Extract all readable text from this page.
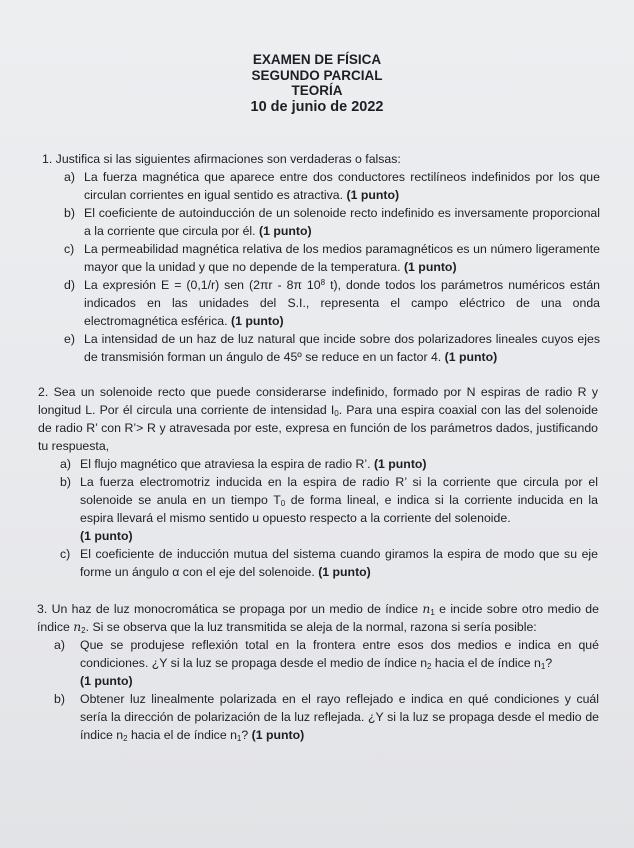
EXAMEN DE FÍSICA
SEGUNDO PARCIAL
TEORÍA
10 de junio de 2022

1. Justifica si las siguientes afirmaciones son verdaderas o falsas:

a) La fuerza magnética que aparece entre dos conductores rectilíneos indefinidos por los que circulan corrientes en igual sentido es atractiva. (1 punto)
b) El coeficiente de autoinducción de un solenoide recto indefinido es inversamente proporcional a la corriente que circula por él. (1 punto)
c) La permeabilidad magnética relativa de los medios paramagnéticos es un número ligeramente mayor que la unidad y que no depende de la temperatura. (1 punto)
d) La expresión E = (0,1/r) sen (2πr - 8π $10^8$ t), donde todos los parámetros numéricos están indicados en las unidades del S.I., representa el campo eléctrico de una onda electromagnética esférica. (1 punto)
e) La intensidad de un haz de luz natural que incide sobre dos polarizadores lineales cuyos ejes de transmisión forman un ángulo de 45º se reduce en un factor 4. (1 punto)

2. Sea un solenoide recto que puede considerarse indefinido, formado por N espiras de radio R y longitud L. Por él circula una corriente de intensidad $I_0$. Para una espira coaxial con las del solenoide de radio R’ con R’> R y atravesada por este, expresa en función de los parámetros dados, justificando tu respuesta,

a) El flujo magnético que atraviesa la espira de radio R’. (1 punto)
b) La fuerza electromotriz inducida en la espira de radio R’ si la corriente que circula por el solenoide se anula en un tiempo $T_0$ de forma lineal, e indica si la corriente inducida en la espira llevará el mismo sentido u opuesto respecto a la corriente del solenoide.
(1 punto)
c) El coeficiente de inducción mutua del sistema cuando giramos la espira de modo que su eje forme un ángulo α con el eje del solenoide. (1 punto)

3. Un haz de luz monocromática se propaga por un medio de índice $n_1$ e incide sobre otro medio de índice $n_2$. Si se observa que la luz transmitida se aleja de la normal, razona si sería posible:

a) Que se produjese reflexión total en la frontera entre esos dos medios e indica en qué condiciones. ¿Y si la luz se propaga desde el medio de índice $n_2$ hacia el de índice $n_1$?
(1 punto)
b) Obtener luz linealmente polarizada en el rayo reflejado e indica en qué condiciones y cuál sería la dirección de polarización de la luz reflejada. ¿Y si la luz se propaga desde el medio de índice $n_2$ hacia el de índice $n_1$? (1 punto)
